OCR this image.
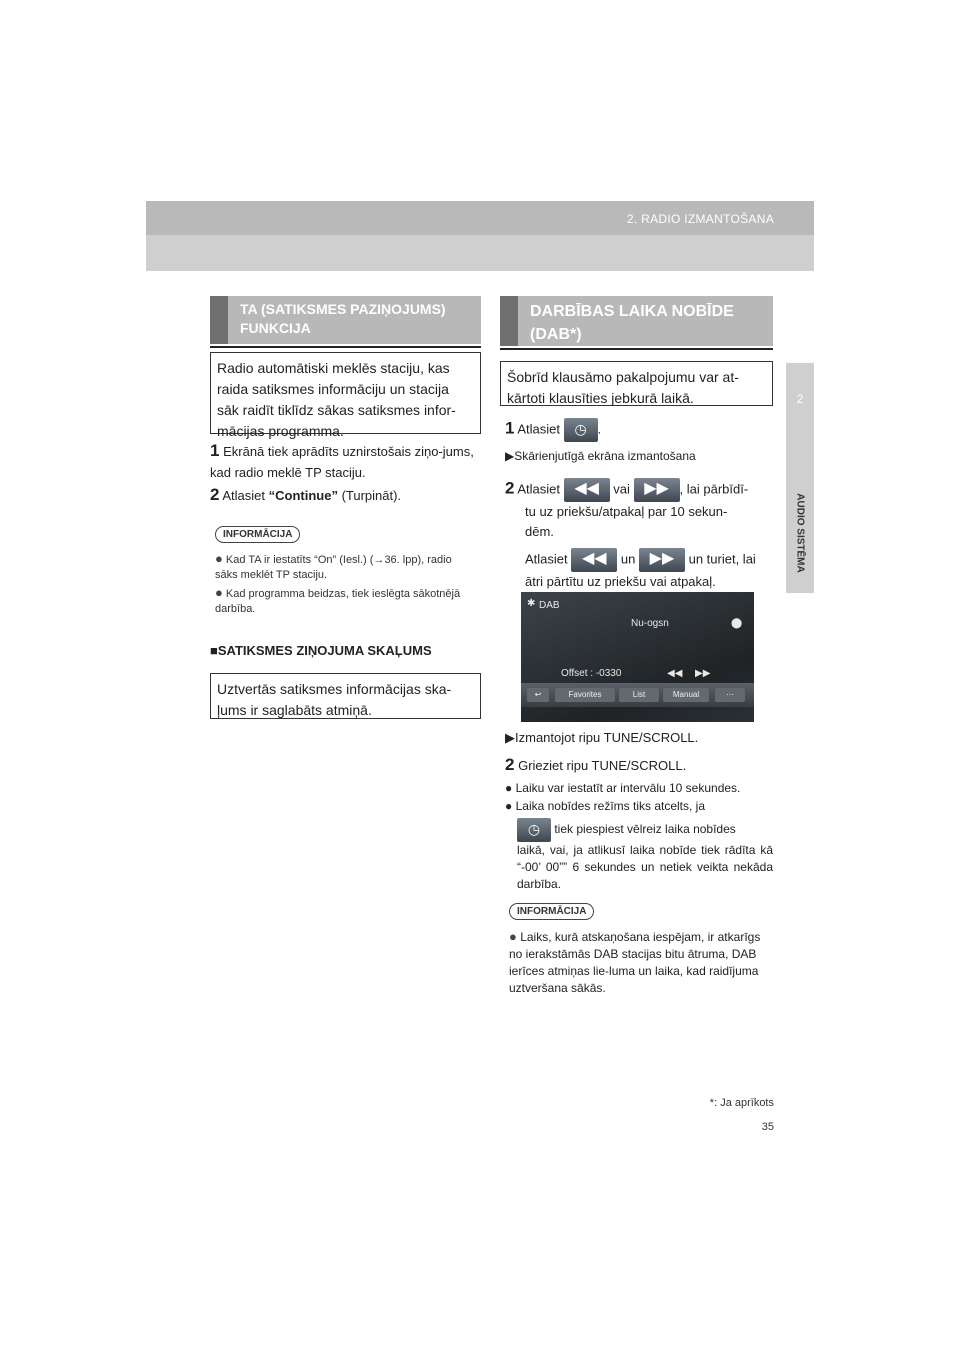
2. RADIO IZMANTOŠANA
2
AUDIO SISTĒMA
TA (SATIKSMES PAZIŅOJUMS)
FUNKCIJA
Radio automātiski meklēs staciju, kas raida satiksmes informāciju un stacija sāk raidīt tiklīdz sākas satiksmes infor-mācijas programma.
1 Ekrānā tiek aprādīts uznirstošais ziņo-jums, kad radio meklē TP staciju.
2 Atlasiet “Continue” (Turpināt).
INFORMĀCIJA
● Kad TA ir iestatīts “On” (Iesl.) (→36. lpp), radio sāks meklēt TP staciju.
● Kad programma beidzas, tiek ieslēgta sākotnējā darbība.
■SATIKSMES ZIŅOJUMA SKAĻUMS
Uztvertās satiksmes informācijas ska-ļums ir saglabāts atmiņā.
DARBĪBAS LAIKA NOBĪDE
(DAB*)
Šobrīd klausāmo pakalpojumu var at-kārtoti klausīties jebkurā laikā.
1 Atlasiet	◷ .
▶Skārienjutīgā ekrāna izmantošana
2 Atlasiet ◀◀	vai ▶▶ , lai pārbīdī-
tu uz priekšu/atpakaļ par 10 sekun-
dēm.
Atlasiet ◀◀	un ▶▶	un turiet, lai
ātri pārtītu uz priekšu vai atpakaļ.
✱ DAB
Nu-ogsn	⬤
Offset : -0330	◀◀ ▶▶
↩	Favorites	List	Manual	⋯
▶Izmantojot ripu TUNE/SCROLL.
2 Grieziet ripu TUNE/SCROLL.
● Laiku var iestatīt ar intervālu 10 sekundes.
● Laika nobīdes režīms tiks atcelts, ja
◷	tiek piespiest vēlreiz laika nobīdes
laikā, vai, ja atlikusī laika nobīde tiek rādīta kā “-00’ 00”” 6 sekundes un netiek veikta nekāda darbība.
INFORMĀCIJA
● Laiks, kurā atskaņošana iespējam, ir atkarīgs no ierakstāmās DAB stacijas bitu ātruma, DAB ierīces atmiņas lie-luma un laika, kad raidījuma uztveršana sākās.
*: Ja aprīkots
35
